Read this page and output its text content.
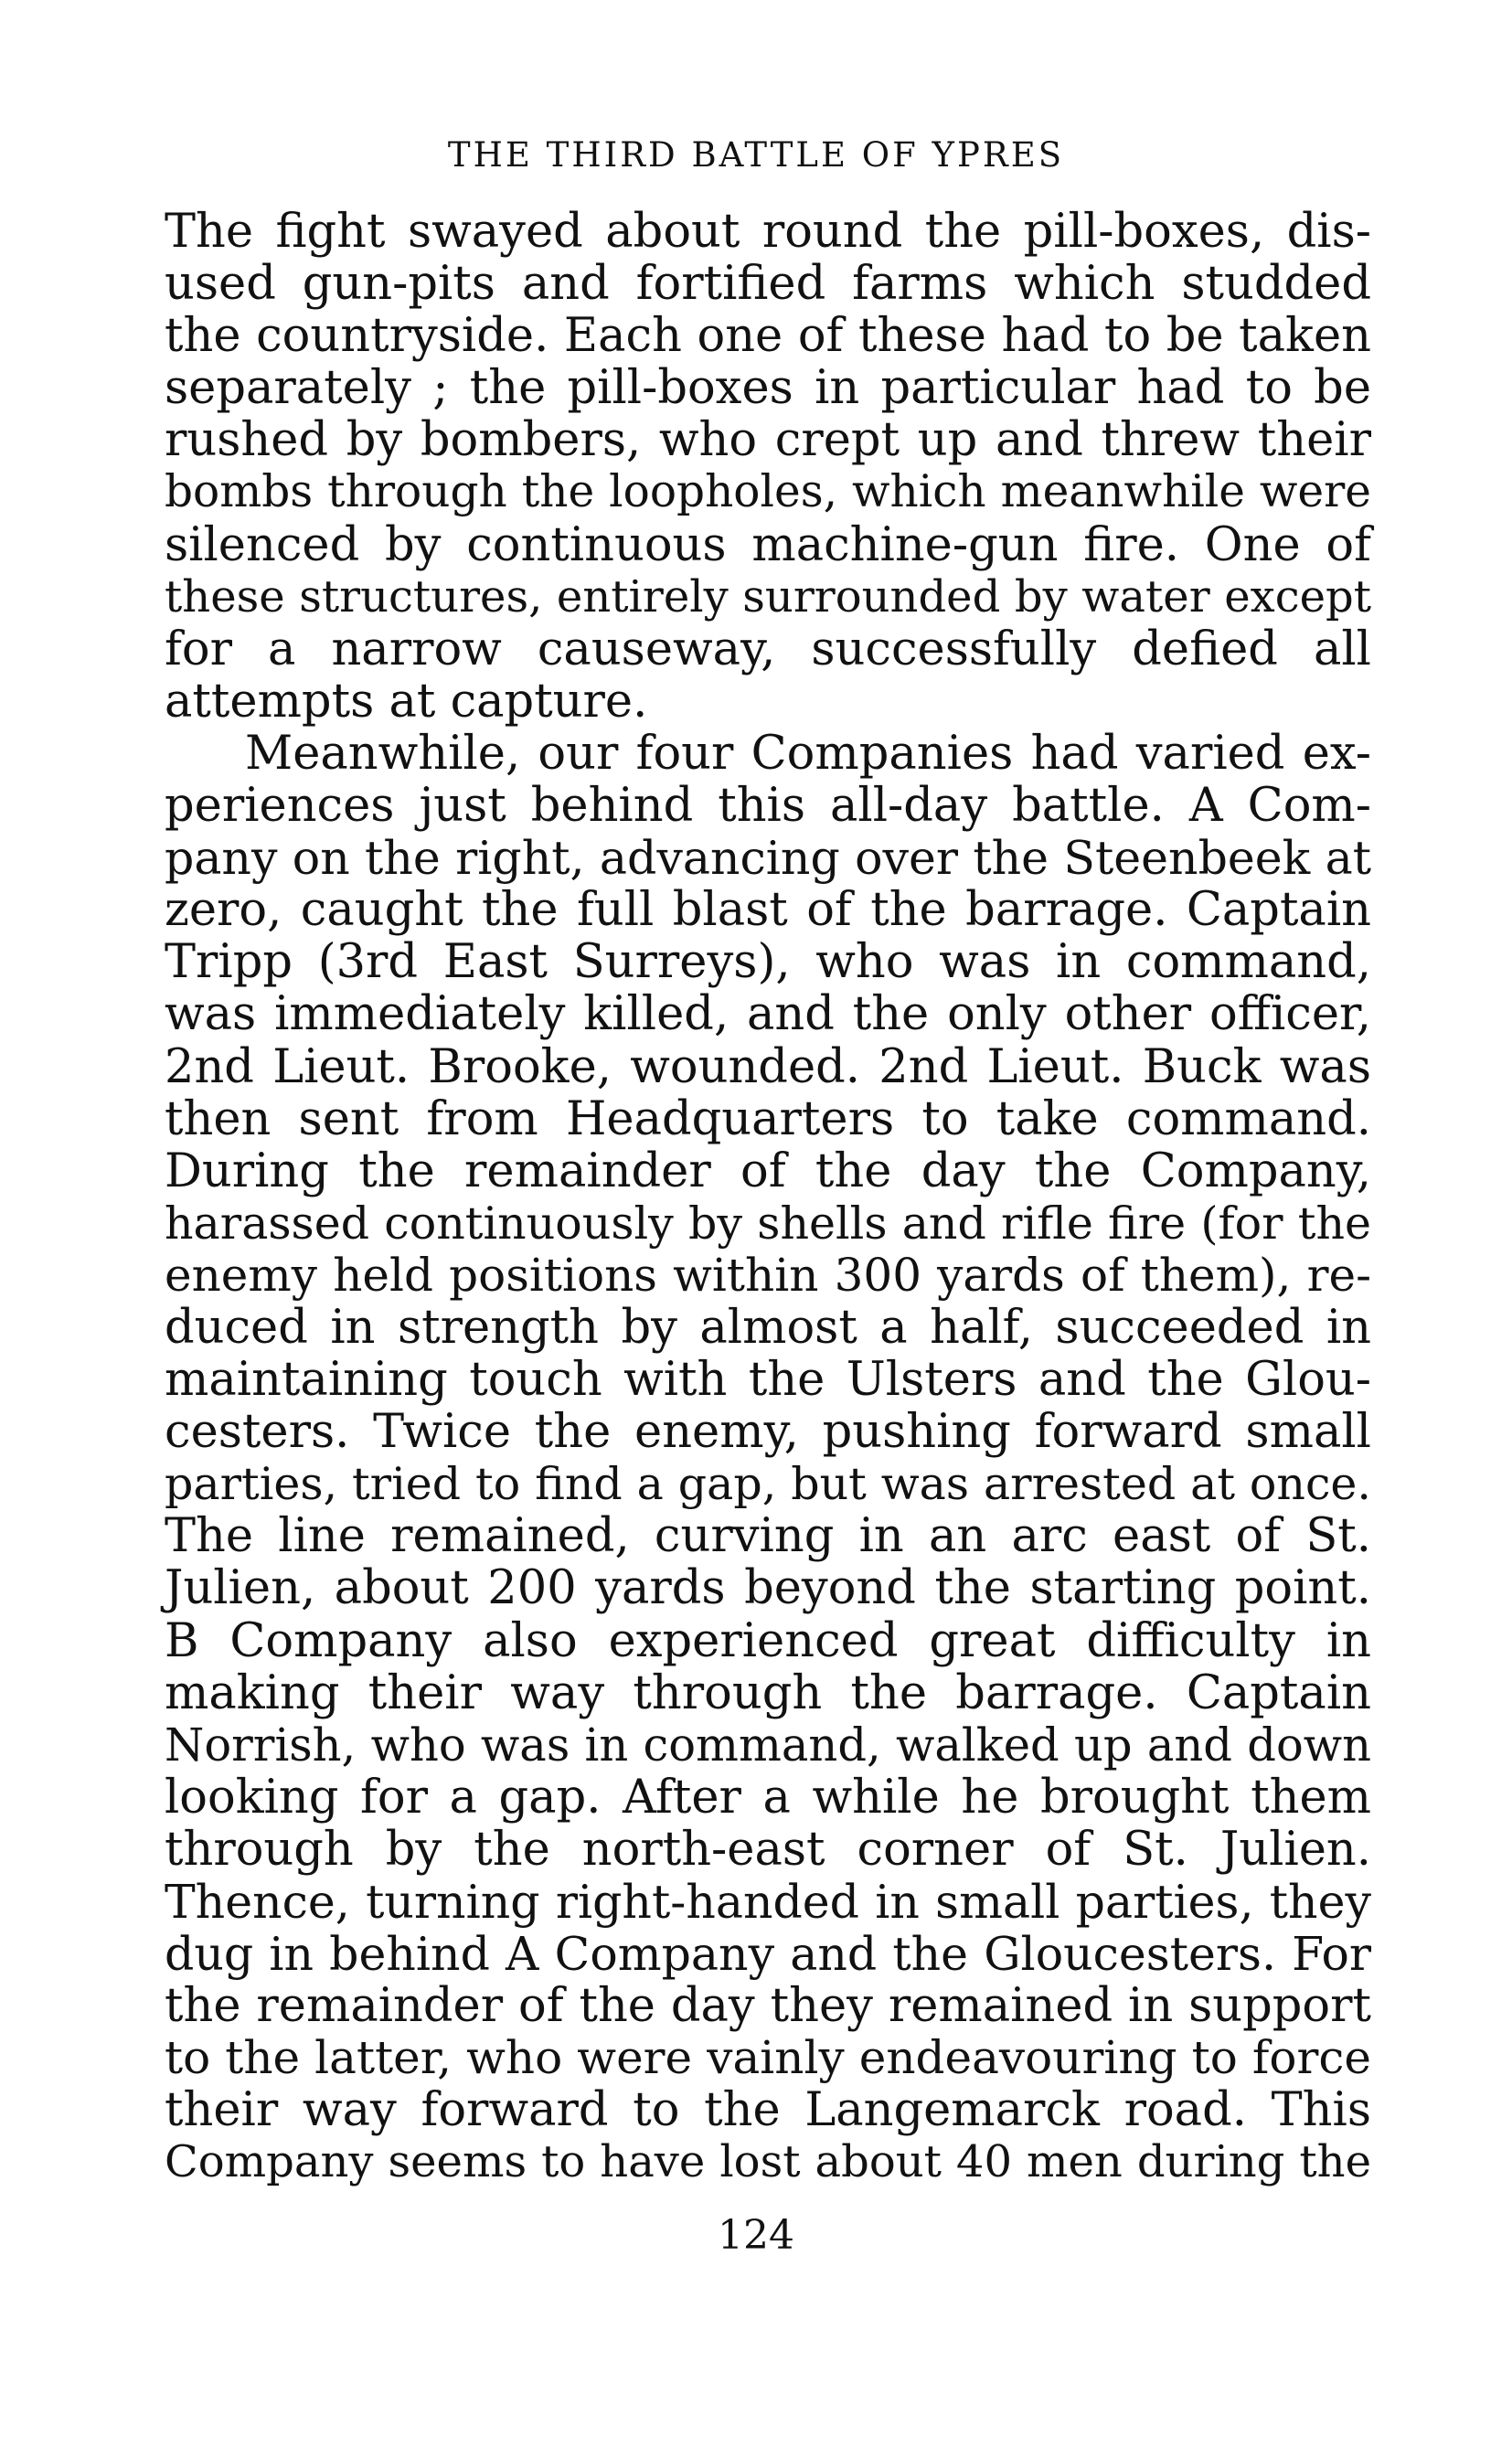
THE THIRD BATTLE OF YPRES
The fight swayed about round the pill-boxes, dis-
used gun-pits and fortified farms which studded
the countryside. Each one of these had to be taken
separately ; the pill-boxes in particular had to be
rushed by bombers, who crept up and threw their
bombs through the loopholes, which meanwhile were
silenced by continuous machine-gun fire. One of
these structures, entirely surrounded by water except
for a narrow causeway, successfully defied all
attempts at capture.
Meanwhile, our four Companies had varied ex-
periences just behind this all-day battle. A Com-
pany on the right, advancing over the Steenbeek at
zero, caught the full blast of the barrage. Captain
Tripp (3rd East Surreys), who was in command,
was immediately killed, and the only other officer,
2nd Lieut. Brooke, wounded. 2nd Lieut. Buck was
then sent from Headquarters to take command.
During the remainder of the day the Company,
harassed continuously by shells and rifle fire (for the
enemy held positions within 300 yards of them), re-
duced in strength by almost a half, succeeded in
maintaining touch with the Ulsters and the Glou-
cesters. Twice the enemy, pushing forward small
parties, tried to find a gap, but was arrested at once.
The line remained, curving in an arc east of St.
Julien, about 200 yards beyond the starting point.
B Company also experienced great difficulty in
making their way through the barrage. Captain
Norrish, who was in command, walked up and down
looking for a gap. After a while he brought them
through by the north-east corner of St. Julien.
Thence, turning right-handed in small parties, they
dug in behind A Company and the Gloucesters. For
the remainder of the day they remained in support
to the latter, who were vainly endeavouring to force
their way forward to the Langemarck road. This
Company seems to have lost about 40 men during the
124
